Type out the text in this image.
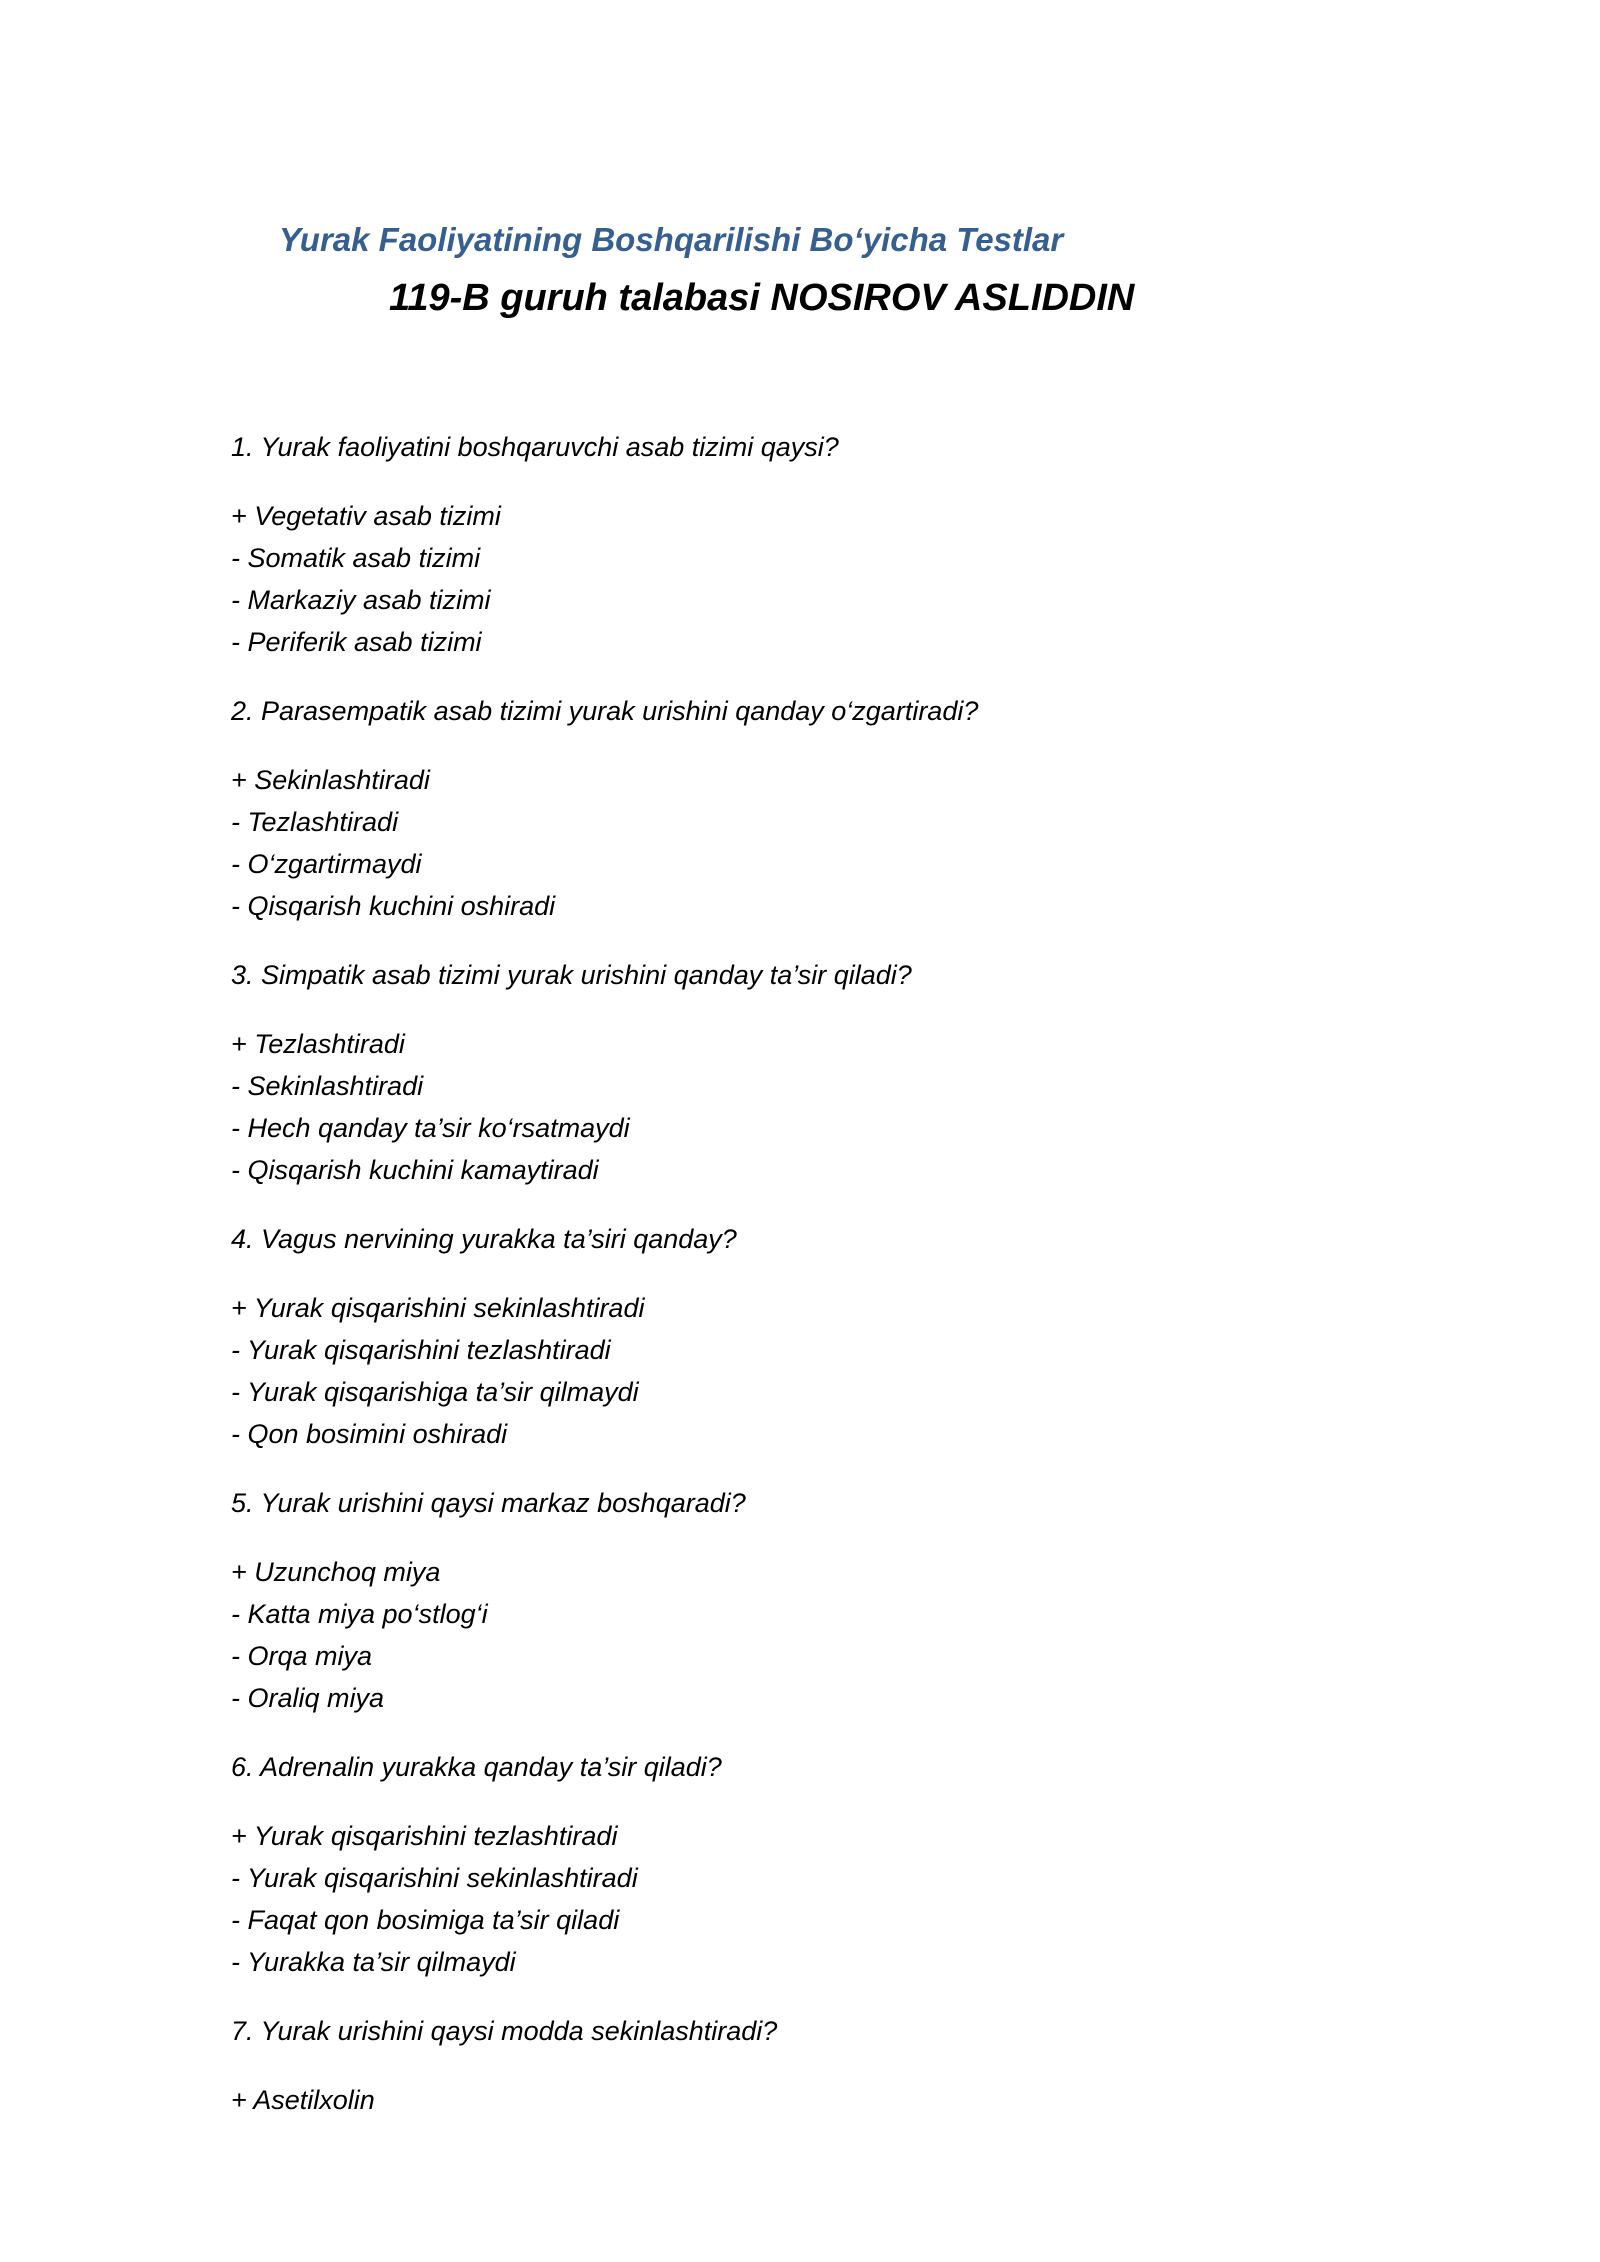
Yurak Faoliyatining Boshqarilishi Bo‘yicha Testlar
119-B guruh talabasi NOSIROV ASLIDDIN

1. Yurak faoliyatini boshqaruvchi asab tizimi qaysi?

+ Vegetativ asab tizimi
- Somatik asab tizimi
- Markaziy asab tizimi
- Periferik asab tizimi

2. Parasempatik asab tizimi yurak urishini qanday o‘zgartiradi?

+ Sekinlashtiradi
- Tezlashtiradi
- O‘zgartirmaydi
- Qisqarish kuchini oshiradi

3. Simpatik asab tizimi yurak urishini qanday ta’sir qiladi?

+ Tezlashtiradi
- Sekinlashtiradi
- Hech qanday ta’sir ko‘rsatmaydi
- Qisqarish kuchini kamaytiradi

4. Vagus nervining yurakka ta’siri qanday?

+ Yurak qisqarishini sekinlashtiradi
- Yurak qisqarishini tezlashtiradi
- Yurak qisqarishiga ta’sir qilmaydi
- Qon bosimini oshiradi

5. Yurak urishini qaysi markaz boshqaradi?

+ Uzunchoq miya
- Katta miya po‘stlog‘i
- Orqa miya
- Oraliq miya

6. Adrenalin yurakka qanday ta’sir qiladi?

+ Yurak qisqarishini tezlashtiradi
- Yurak qisqarishini sekinlashtiradi
- Faqat qon bosimiga ta’sir qiladi
- Yurakka ta’sir qilmaydi

7. Yurak urishini qaysi modda sekinlashtiradi?

+ Asetilxolin
